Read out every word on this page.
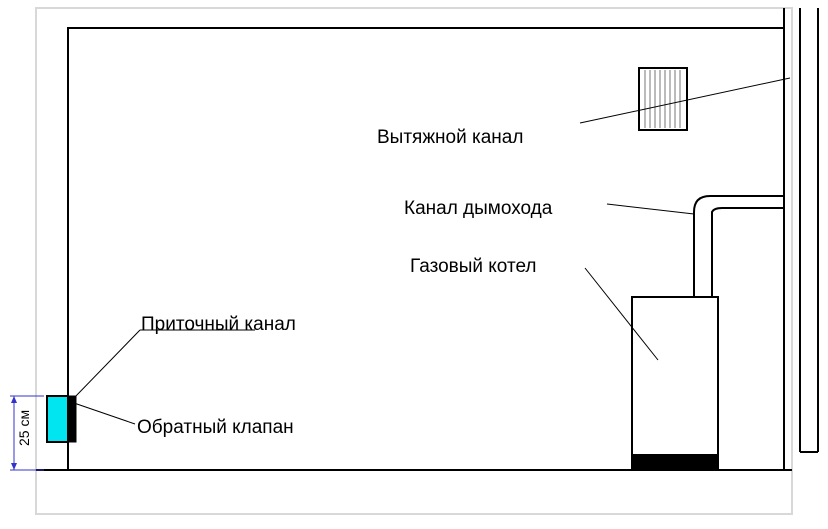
Вытяжной канал
Канал дымохода
Газовый котел
Приточный канал
Обратный клапан
25 см
